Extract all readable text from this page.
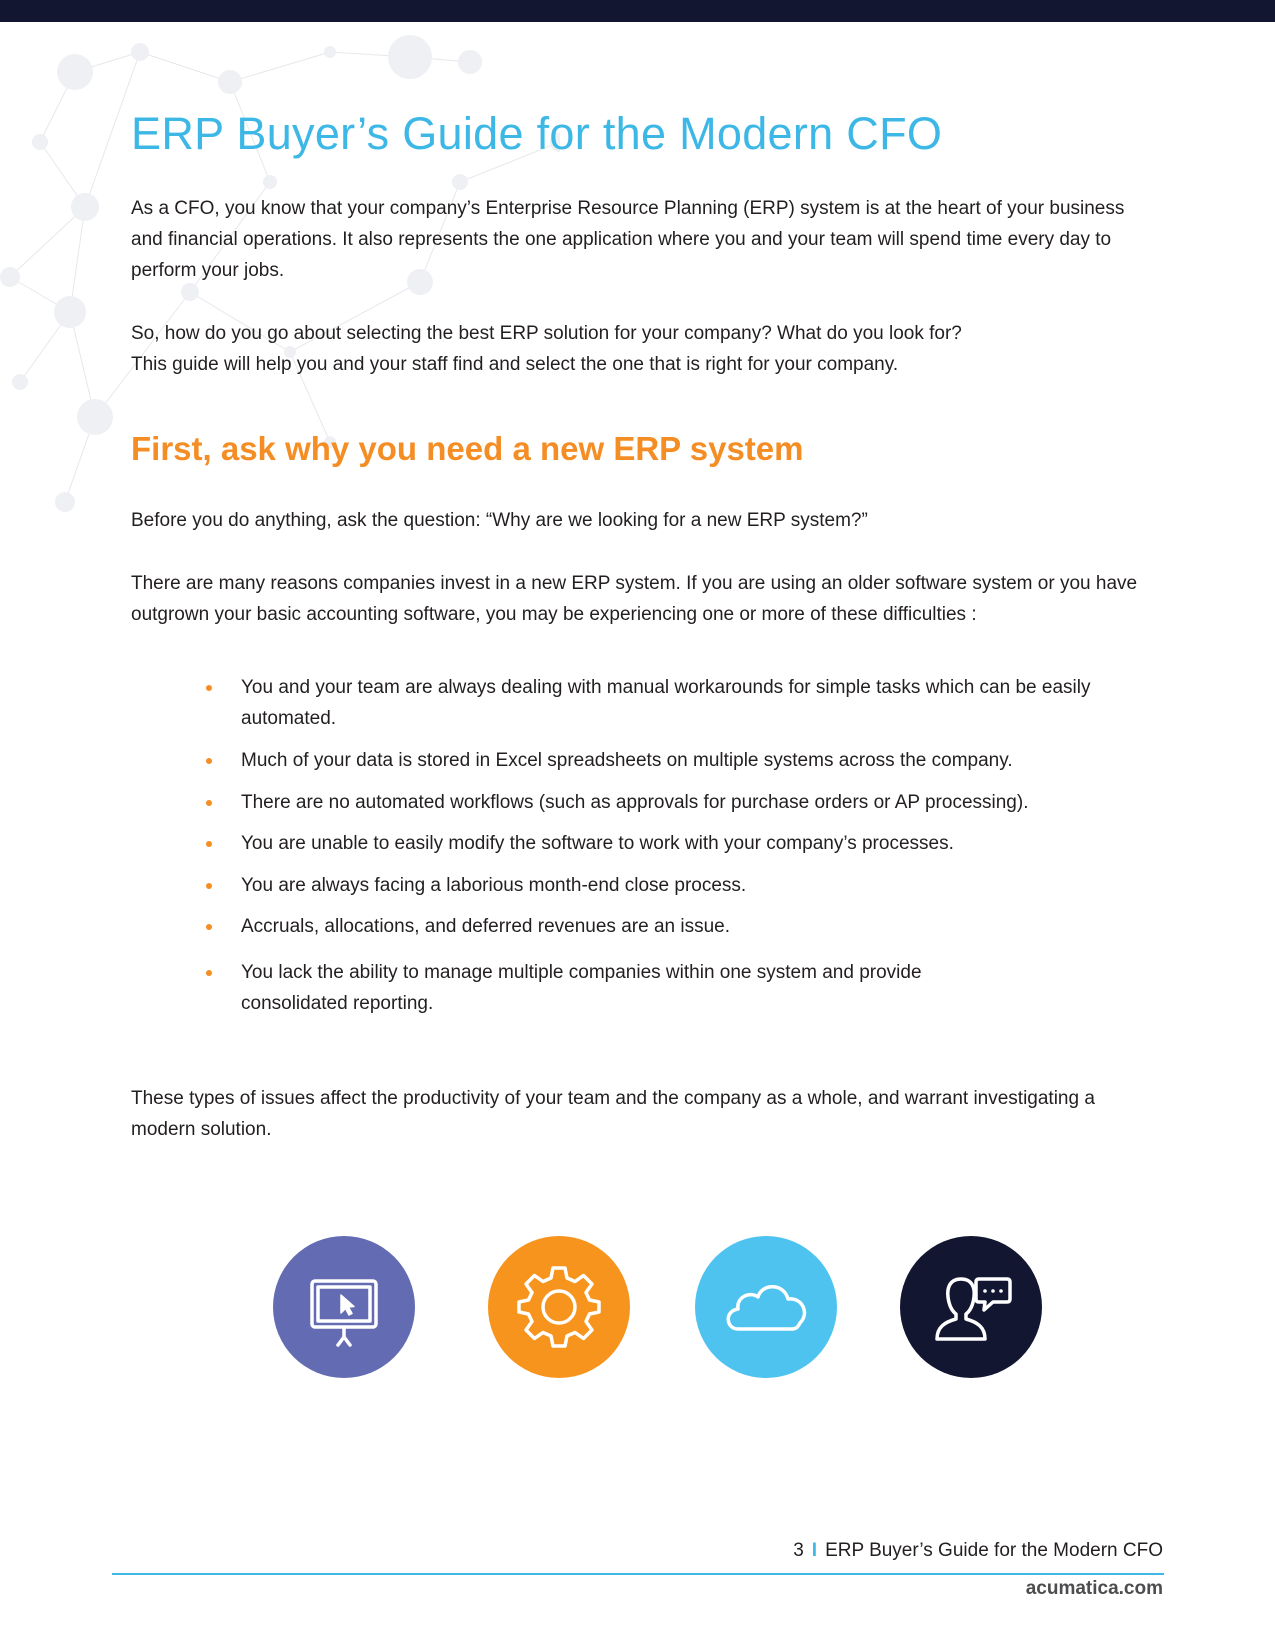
ERP Buyer’s Guide for the Modern CFO

As a CFO, you know that your company’s Enterprise Resource Planning (ERP) system is at the heart of your business and financial operations. It also represents the one application where you and your team will spend time every day to perform your jobs.

So, how do you go about selecting the best ERP solution for your company? What do you look for?
This guide will help you and your staff find and select the one that is right for your company.

First, ask why you need a new ERP system

Before you do anything, ask the question: “Why are we looking for a new ERP system?”

There are many reasons companies invest in a new ERP system. If you are using an older software system or you have outgrown your basic accounting software, you may be experiencing one or more of these difficulties :

You and your team are always dealing with manual workarounds for simple tasks which can be easily automated.
Much of your data is stored in Excel spreadsheets on multiple systems across the company.
There are no automated workflows (such as approvals for purchase orders or AP processing).
You are unable to easily modify the software to work with your company’s processes.
You are always facing a laborious month-end close process.
Accruals, allocations, and deferred revenues are an issue.
You lack the ability to manage multiple companies within one system and provide consolidated reporting.

These types of issues affect the productivity of your team and the company as a whole, and warrant investigating a modern solution.

3 I ERP Buyer’s Guide for the Modern CFO
acumatica.com
